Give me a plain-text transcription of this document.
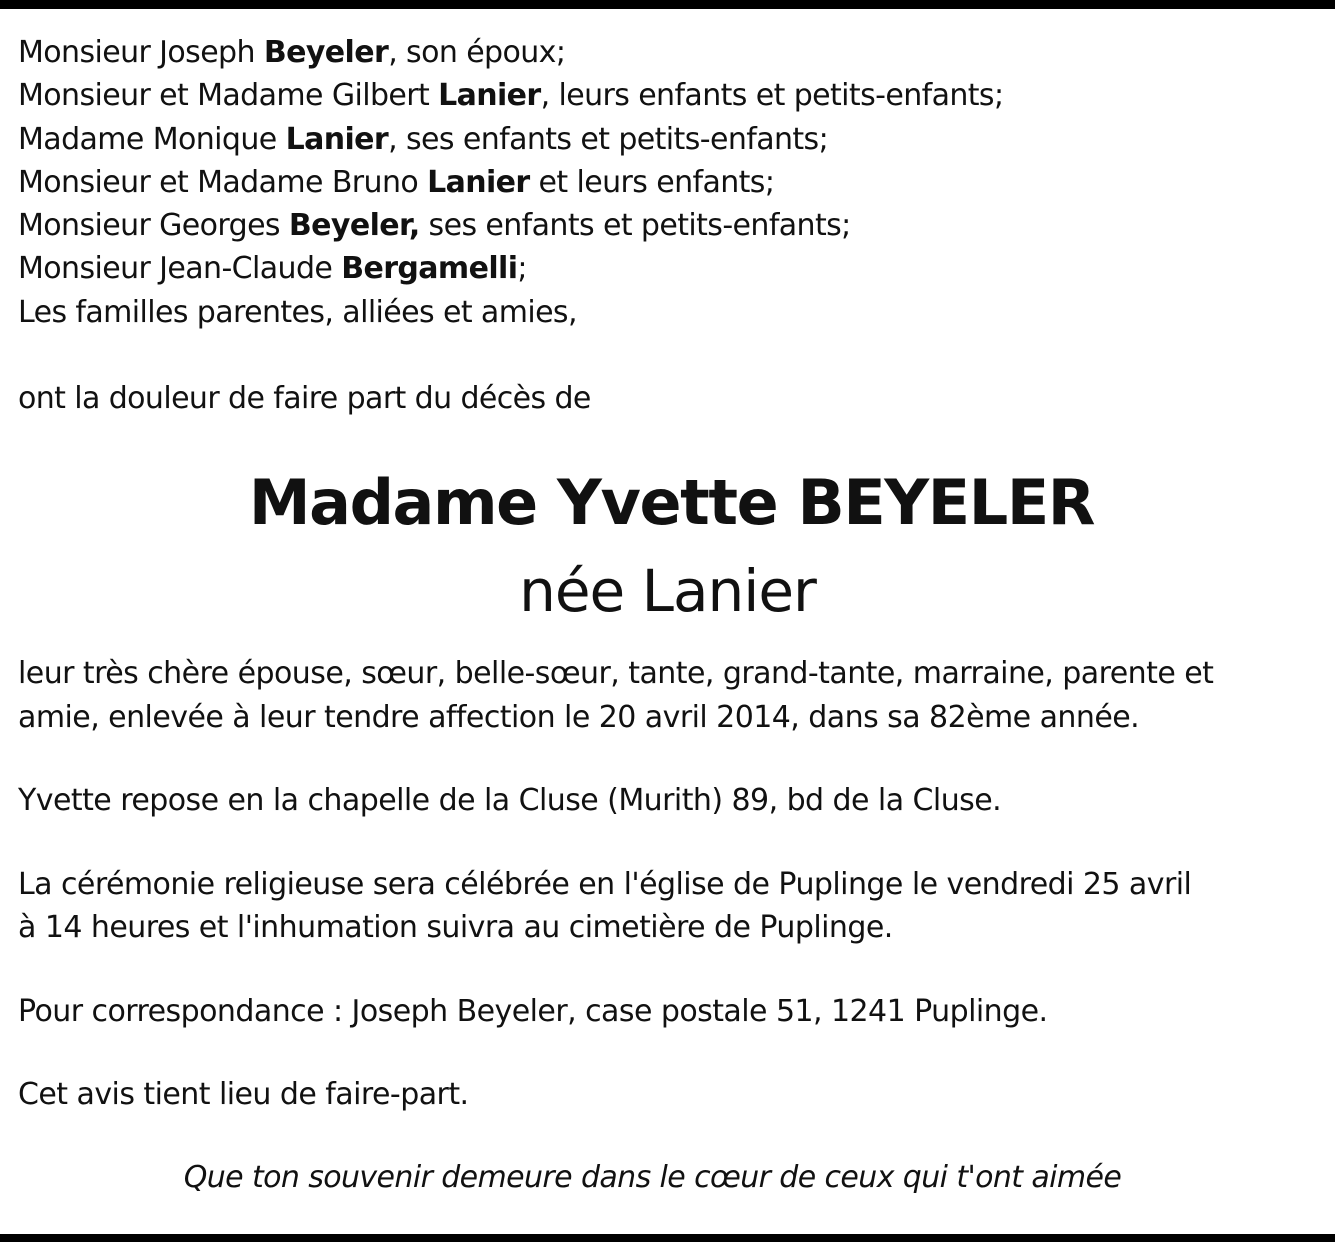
Monsieur Joseph Beyeler, son époux;
Monsieur et Madame Gilbert Lanier, leurs enfants et petits-enfants;
Madame Monique Lanier, ses enfants et petits-enfants;
Monsieur et Madame Bruno Lanier et leurs enfants;
Monsieur Georges Beyeler, ses enfants et petits-enfants;
Monsieur Jean-Claude Bergamelli;
Les familles parentes, alliées et amies,
ont la douleur de faire part du décès de
Madame Yvette BEYELER
née Lanier
leur très chère épouse, sœur, belle-sœur, tante, grand-tante, marraine, parente et
amie, enlevée à leur tendre affection le 20 avril 2014, dans sa 82ème année.
Yvette repose en la chapelle de la Cluse (Murith) 89, bd de la Cluse.
La cérémonie religieuse sera célébrée en l'église de Puplinge le vendredi 25 avril
à 14 heures et l'inhumation suivra au cimetière de Puplinge.
Pour correspondance : Joseph Beyeler, case postale 51, 1241 Puplinge.
Cet avis tient lieu de faire-part.
Que ton souvenir demeure dans le cœur de ceux qui t'ont aimée
